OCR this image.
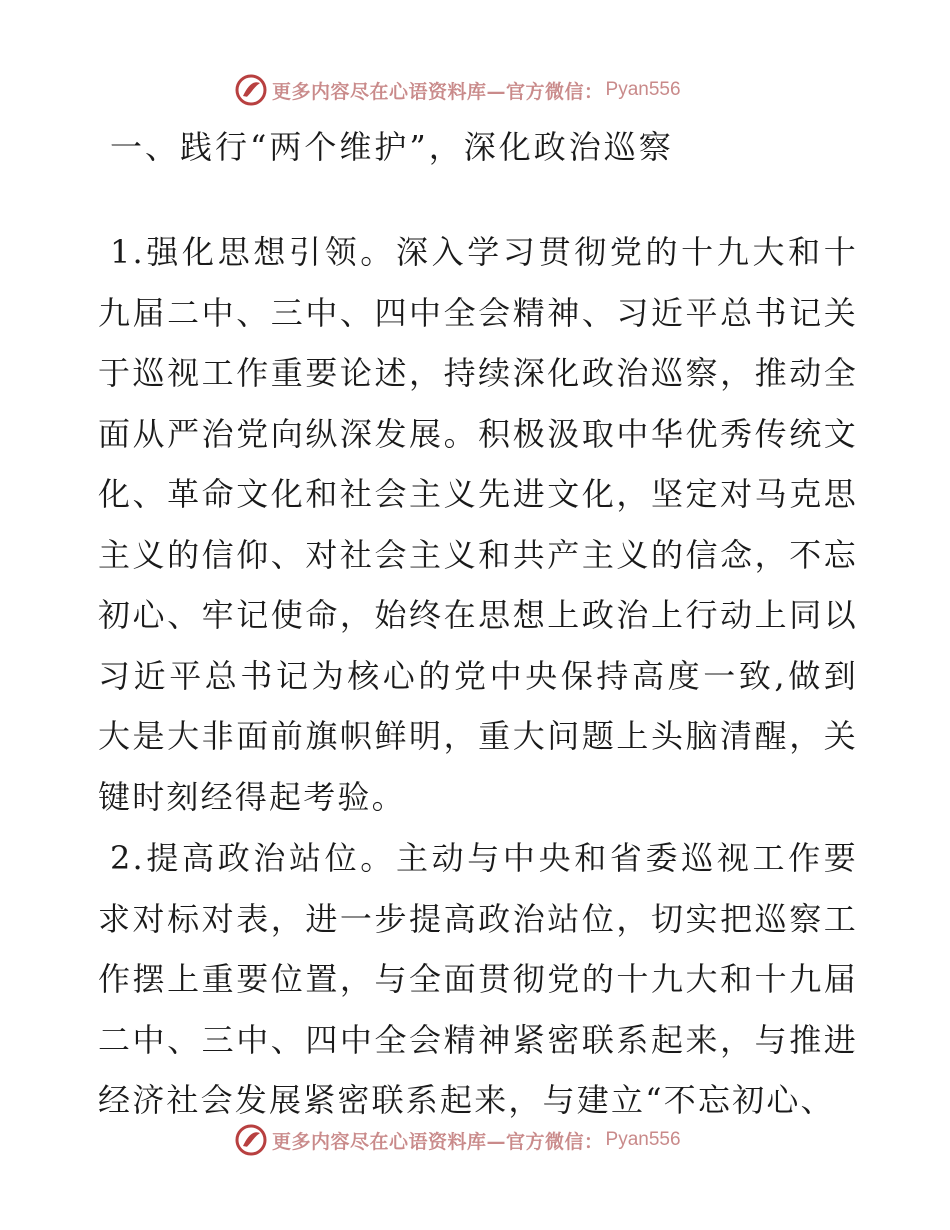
更多内容尽在心语资料库—官方微信： Pyan556
一、践行“两个维护”，深化政治巡察

1.强化思想引领。深入学习贯彻党的十九大和十九届二中、三中、四中全会精神、习近平总书记关于巡视工作重要论述，持续深化政治巡察，推动全面从严治党向纵深发展。积极汲取中华优秀传统文化、革命文化和社会主义先进文化，坚定对马克思主义的信仰、对社会主义和共产主义的信念，不忘初心、牢记使命，始终在思想上政治上行动上同以习近平总书记为核心的党中央保持高度一致,做到大是大非面前旗帜鲜明，重大问题上头脑清醒，关键时刻经得起考验。

2.提高政治站位。主动与中央和省委巡视工作要求对标对表，进一步提高政治站位，切实把巡察工作摆上重要位置，与全面贯彻党的十九大和十九届二中、三中、四中全会精神紧密联系起来，与推进经济社会发展紧密联系起来，与建立“不忘初心、

更多内容尽在心语资料库—官方微信： Pyan556
